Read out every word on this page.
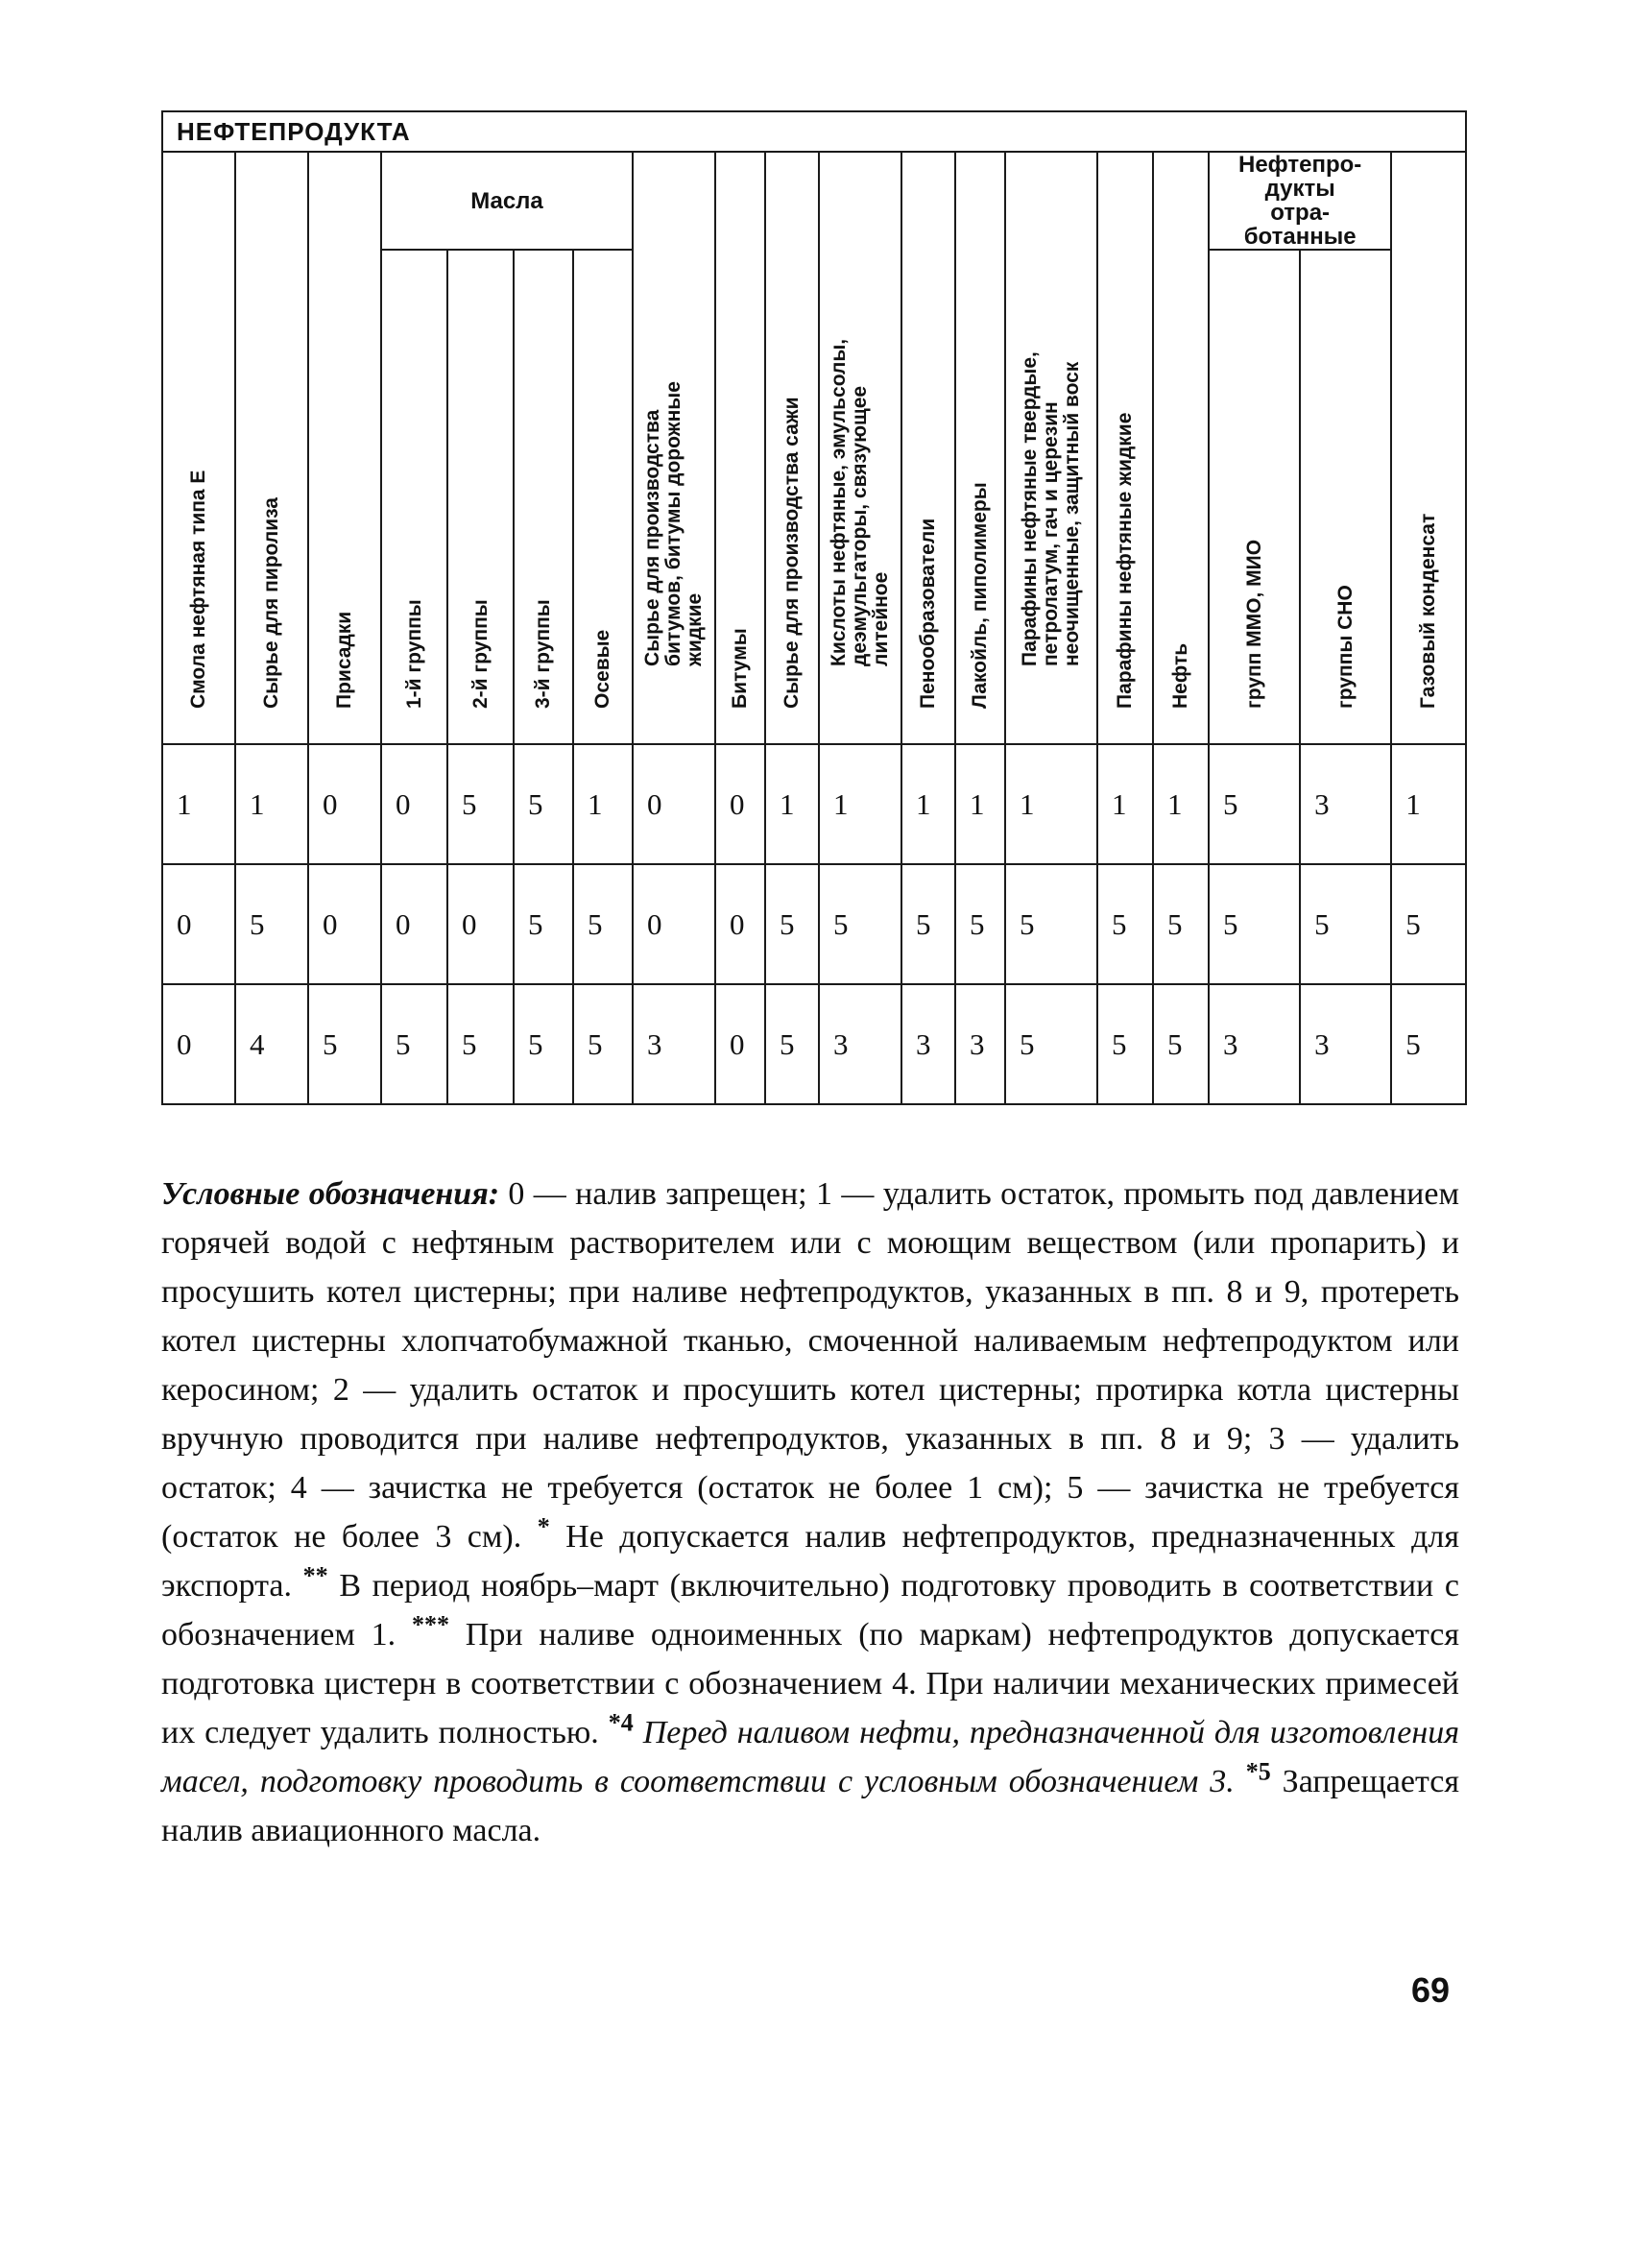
НЕФТЕПРОДУКТА																		

Смола нефтяная типа Е	Сырье для пиролиза	Присадки	Масла				Сырье для производства битумов, битумы дорожные жидкие	Битумы	Сырье для производства сажи	Кислоты нефтяные, эмульсолы, деэмульгаторы, связующее литейное	Пенообразователи	Лакойль, пиполимеры	Парафины нефтяные твердые, петролатум, гач и церезин неочищенные, защитный воск	Парафины нефтяные жидкие	Нефть	Нефтепро-дукты отра-ботанные		Газовый конденсат

			1-й группы	2-й группы	3-й группы	Осевые										групп ММО, МИО	группы СНО	

1	1	0	0	5	5	1	0	0	1	1	1	1	1	1	1	5	3	1
0	5	0	0	0	5	5	0	0	5	5	5	5	5	5	5	5	5	5
0	4	5	5	5	5	5	3	0	5	3	3	3	5	5	5	3	3	5
Условные обозначения: 0 — налив запрещен; 1 — удалить остаток, промыть под давлением горячей водой с нефтяным растворителем или с моющим веществом (или пропарить) и просушить котел цистерны; при наливе нефтепродуктов, указанных в пп. 8 и 9, протереть котел цистерны хлопчатобумажной тканью, смоченной наливаемым нефтепродуктом или керосином; 2 — удалить остаток и просушить котел цистерны; протирка котла цистерны вручную проводится при наливе нефтепродуктов, указанных в пп. 8 и 9; 3 — удалить остаток; 4 — зачистка не требуется (остаток не более 1 см); 5 — зачистка не требуется (остаток не более 3 см). * Не допускается налив нефтепродуктов, предназначенных для экспорта. ** В период ноябрь–март (включительно) подготовку проводить в соответствии с обозначением 1. *** При наливе одноименных (по маркам) нефтепродуктов допускается подготовка цистерн в соответствии с обозначением 4. При наличии механических примесей их следует удалить полностью. $^{*4}$ Перед наливом нефти, предназначенной для изготовления масел, подготовку проводить в соответствии с условным обозначением 3. $^{*5}$ Запрещается налив авиационного масла.
69
